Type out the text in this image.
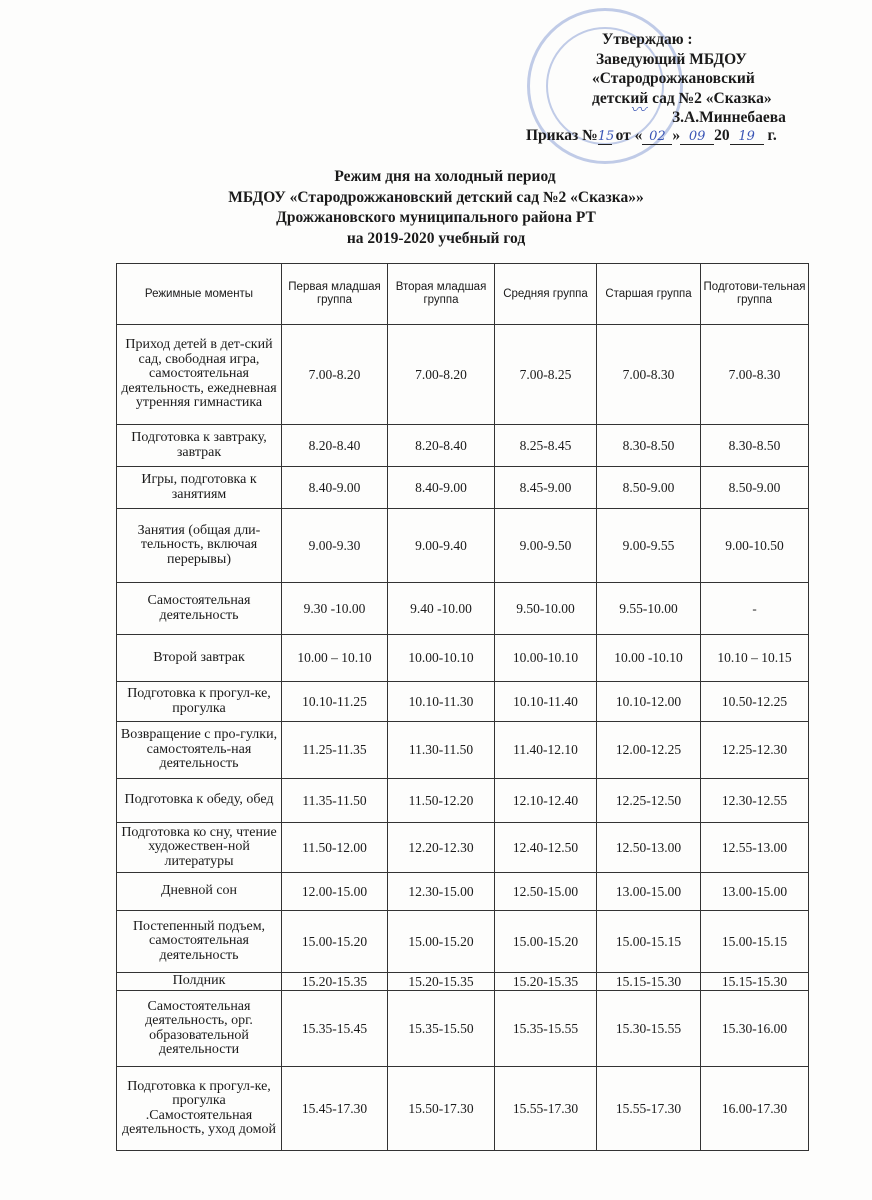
〰
Утверждаю :
Заведующий МБДОУ
«Стародрожжановский
детский сад №2 «Сказка»
З.А.Миннебаева
Приказ №15 от « 02 » 09 20 19 г.
Режим дня на холодный период
МБДОУ «Стародрожжановский детский сад №2 «Сказка»»
Дрожжановского муниципального района РТ
на 2019-2020 учебный год
Режимные моменты	Первая младшая группа	Вторая младшая группа	Средняя группа	Старшая группа	Подготови-тельная группа
Приход детей в дет-ский сад, свободная игра, самостоятельная деятельность, ежедневная утренняя гимнастика	7.00-8.20	7.00-8.20	7.00-8.25	7.00-8.30	7.00-8.30
Подготовка к завтраку, завтрак	8.20-8.40	8.20-8.40	8.25-8.45	8.30-8.50	8.30-8.50
Игры, подготовка к занятиям	8.40-9.00	8.40-9.00	8.45-9.00	8.50-9.00	8.50-9.00
Занятия (общая дли-тельность, включая перерывы)	9.00-9.30	9.00-9.40	9.00-9.50	9.00-9.55	9.00-10.50
Самостоятельная деятельность	9.30 -10.00	9.40 -10.00	9.50-10.00	9.55-10.00	-
Второй завтрак	10.00 – 10.10	10.00-10.10	10.00-10.10	10.00 -10.10	10.10 – 10.15
Подготовка к прогул-ке, прогулка	10.10-11.25	10.10-11.30	10.10-11.40	10.10-12.00	10.50-12.25
Возвращение с про-гулки, самостоятель-ная деятельность	11.25-11.35	11.30-11.50	11.40-12.10	12.00-12.25	12.25-12.30
Подготовка к обеду, обед	11.35-11.50	11.50-12.20	12.10-12.40	12.25-12.50	12.30-12.55
Подготовка ко сну, чтение художествен-ной литературы	11.50-12.00	12.20-12.30	12.40-12.50	12.50-13.00	12.55-13.00
Дневной сон	12.00-15.00	12.30-15.00	12.50-15.00	13.00-15.00	13.00-15.00
Постепенный подъем, самостоятельная деятельность	15.00-15.20	15.00-15.20	15.00-15.20	15.00-15.15	15.00-15.15
Полдник	15.20-15.35	15.20-15.35	15.20-15.35	15.15-15.30	15.15-15.30
Самостоятельная деятельность, орг. образовательной деятельности	15.35-15.45	15.35-15.50	15.35-15.55	15.30-15.55	15.30-16.00
Подготовка к прогул-ке, прогулка .Самостоятельная деятельность, уход домой	15.45-17.30	15.50-17.30	15.55-17.30	15.55-17.30	16.00-17.30
